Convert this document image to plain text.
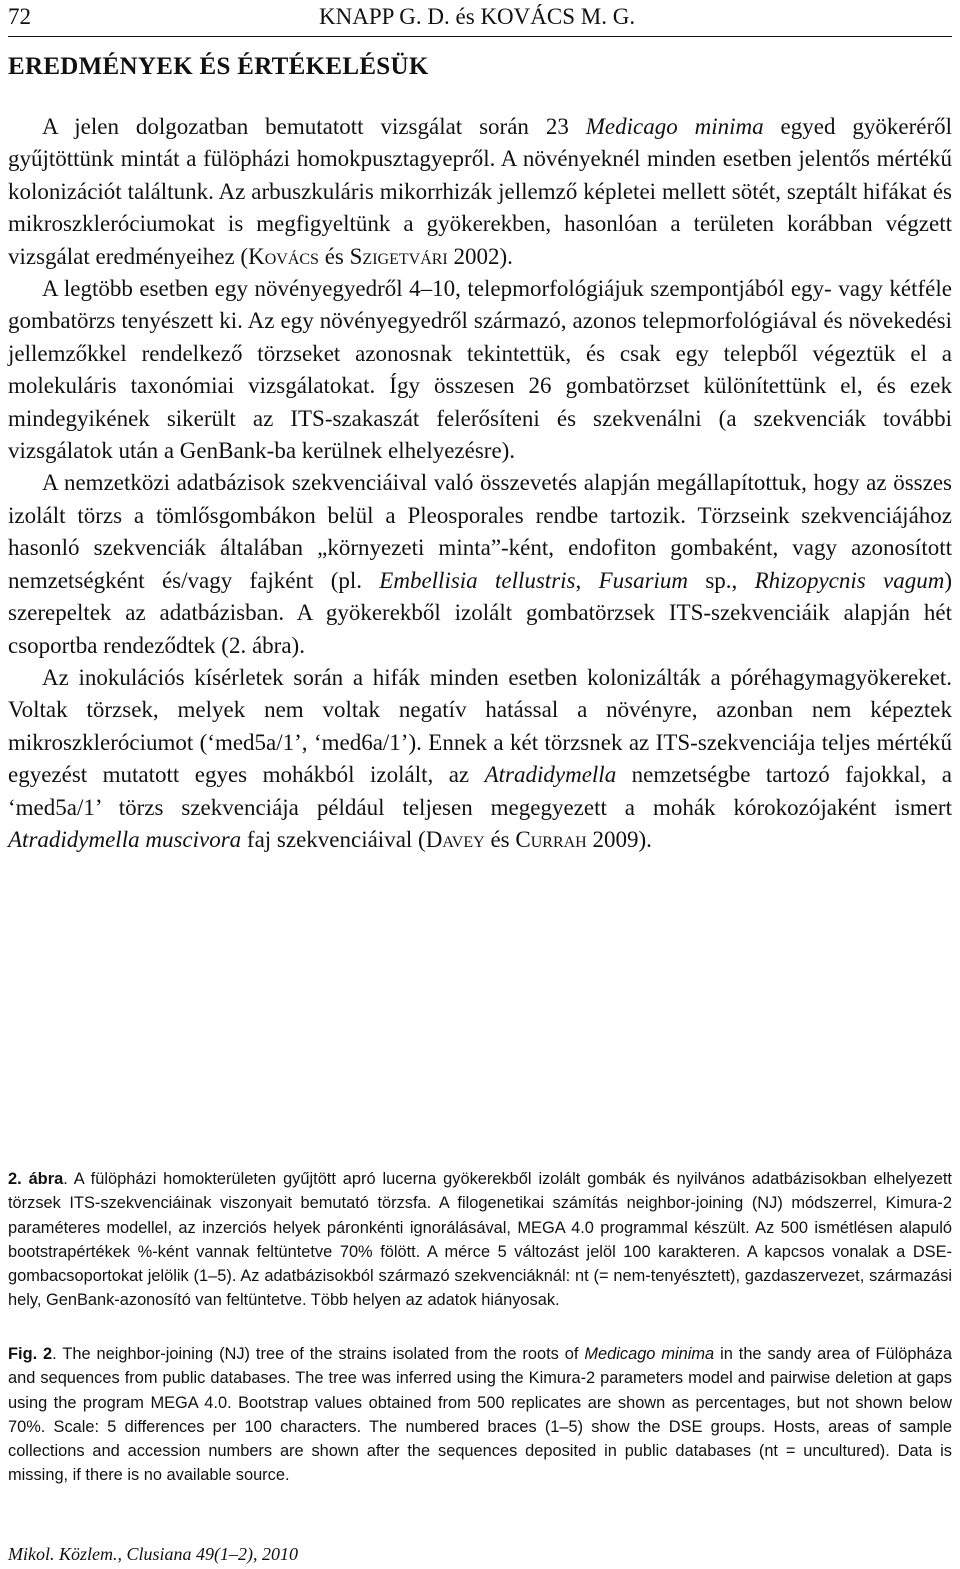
72	KNAPP G. D. és KOVÁCS M. G.
EREDMÉNYEK ÉS ÉRTÉKELÉSÜK

A jelen dolgozatban bemutatott vizsgálat során 23 Medicago minima egyed gyökeréről gyűjtöttünk mintát a fülöpházi homokpusztagyepről. A növényeknél minden esetben jelentős mértékű kolonizációt találtunk. Az arbuszkuláris mikorrhizák jellemző képletei mellett sötét, szeptált hifákat és mikroszkleróciumokat is megfigyeltünk a gyökerekben, hasonlóan a területen korábban végzett vizsgálat eredményeihez (Kovács és Szigetvári 2002).

A legtöbb esetben egy növényegyedről 4–10, telepmorfológiájuk szempontjából egy- vagy kétféle gombatörzs tenyészett ki. Az egy növényegyedről származó, azonos telepmorfológiával és növekedési jellemzőkkel rendelkező törzseket azonosnak tekintettük, és csak egy telepből végeztük el a molekuláris taxonómiai vizsgálatokat. Így összesen 26 gombatörzset különítettünk el, és ezek mindegyikének sikerült az ITS-szakaszát felerősíteni és szekvenálni (a szekvenciák további vizsgálatok után a GenBank-ba kerülnek elhelyezésre).

A nemzetközi adatbázisok szekvenciáival való összevetés alapján megállapítottuk, hogy az összes izolált törzs a tömlősgombákon belül a Pleosporales rendbe tartozik. Törzseink szekvenciájához hasonló szekvenciák általában „környezeti minta”-ként, endofiton gombaként, vagy azonosított nemzetségként és/vagy fajként (pl. Embellisia tellustris, Fusarium sp., Rhizopycnis vagum) szerepeltek az adatbázisban. A gyökerekből izolált gombatörzsek ITS-szekvenciáik alapján hét csoportba rendeződtek (2. ábra).

Az inokulációs kísérletek során a hifák minden esetben kolonizálták a póréhagymagyökereket. Voltak törzsek, melyek nem voltak negatív hatással a növényre, azonban nem képeztek mikroszkleróciumot (‘med5a/1’, ‘med6a/1’). Ennek a két törzsnek az ITS-szekvenciája teljes mértékű egyezést mutatott egyes mohákból izolált, az Atradidymella nemzetségbe tartozó fajokkal, a ‘med5a/1’ törzs szekvenciája például teljesen megegyezett a mohák kórokozójaként ismert Atradidymella muscivora faj szekvenciáival (Davey és Currah 2009).

2. ábra. A fülöpházi homokterületen gyűjtött apró lucerna gyökerekből izolált gombák és nyilvános adatbázisokban elhelyezett törzsek ITS-szekvenciáinak viszonyait bemutató törzsfa. A filogenetikai számítás neighbor-joining (NJ) módszerrel, Kimura-2 paraméteres modellel, az inzerciós helyek páronkénti ignorálásával, MEGA 4.0 programmal készült. Az 500 ismétlésen alapuló bootstrapértékek %-ként vannak feltüntetve 70% fölött. A mérce 5 változást jelöl 100 karakteren. A kapcsos vonalak a DSE-gombacsoportokat jelölik (1–5). Az adatbázisokból származó szekvenciáknál: nt (= nem-tenyésztett), gazdaszervezet, származási hely, GenBank-azonosító van feltüntetve. Több helyen az adatok hiányosak.

Fig. 2. The neighbor-joining (NJ) tree of the strains isolated from the roots of Medicago minima in the sandy area of Fülöpháza and sequences from public databases. The tree was inferred using the Kimura-2 parameters model and pairwise deletion at gaps using the program MEGA 4.0. Bootstrap values obtained from 500 replicates are shown as percentages, but not shown below 70%. Scale: 5 differences per 100 characters. The numbered braces (1–5) show the DSE groups. Hosts, areas of sample collections and accession numbers are shown after the sequences deposited in public databases (nt = uncultured). Data is missing, if there is no available source.

Mikol. Közlem., Clusiana 49(1–2), 2010
